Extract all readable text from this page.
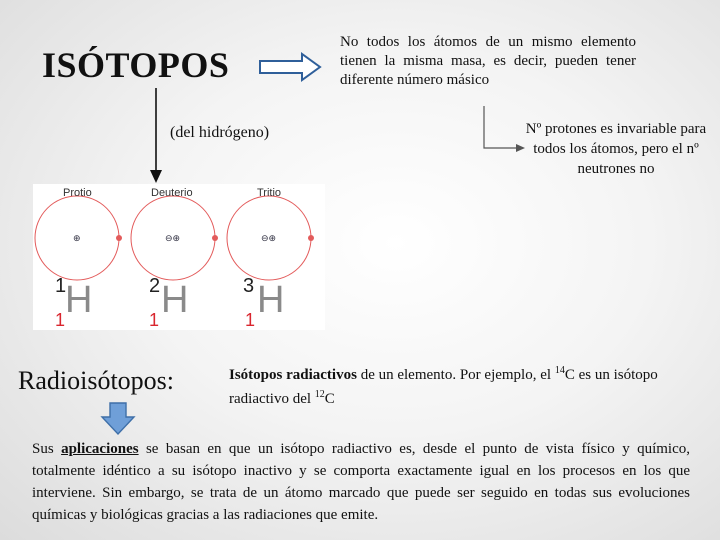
ISÓTOPOS
No todos los átomos de un mismo elemento tienen la misma masa, es decir, pueden tener diferente número másico
(del hidrógeno)	Nº protones es invariable para todos los átomos, pero el nº neutrones no
Protio
⊕
1
H
1
Deuterio
⊖⊕
2 H
1
Tritio
⊖⊕
3 H
1
Radioisótopos:	Isótopos radiactivos de un elemento. Por ejemplo, el $^{14}$C es un isótopo radiactivo del $^{12}$C
Sus aplicaciones se basan en que un isótopo radiactivo es, desde el punto de vista físico y químico, totalmente idéntico a su isótopo inactivo y se comporta exactamente igual en los procesos en los que interviene. Sin embargo, se trata de un átomo marcado que puede ser seguido en todas sus evoluciones químicas y biológicas gracias a las radiaciones que emite.
